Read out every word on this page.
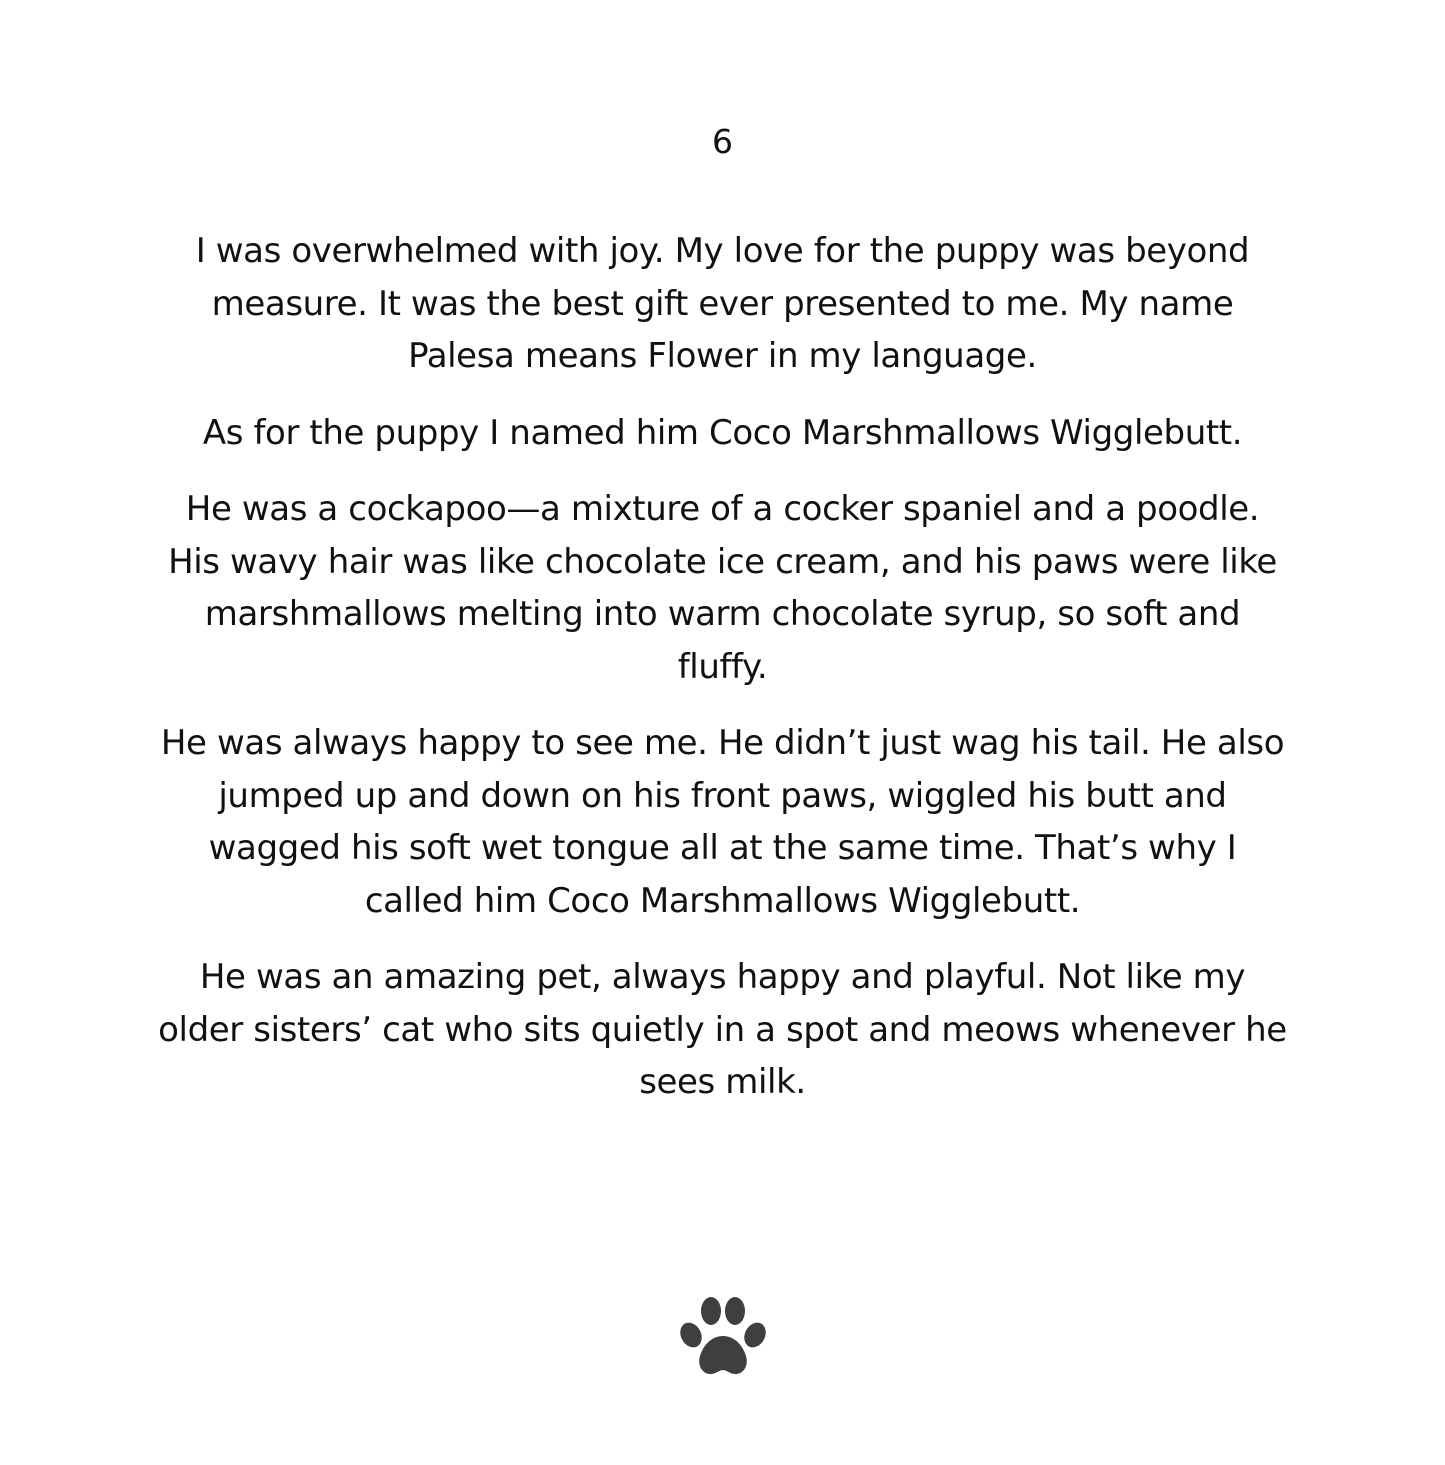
6

I was overwhelmed with joy. My love for the puppy was beyond measure. It was the best gift ever presented to me. My name Palesa means Flower in my language.

As for the puppy I named him Coco Marshmallows Wigglebutt.

He was a cockapoo—a mixture of a cocker spaniel and a poodle. His wavy hair was like chocolate ice cream, and his paws were like marshmallows melting into warm chocolate syrup, so soft and fluffy.

He was always happy to see me. He didn’t just wag his tail. He also jumped up and down on his front paws, wiggled his butt and wagged his soft wet tongue all at the same time. That’s why I called him Coco Marshmallows Wigglebutt.

He was an amazing pet, always happy and playful. Not like my older sisters’ cat who sits quietly in a spot and meows whenever he sees milk.
